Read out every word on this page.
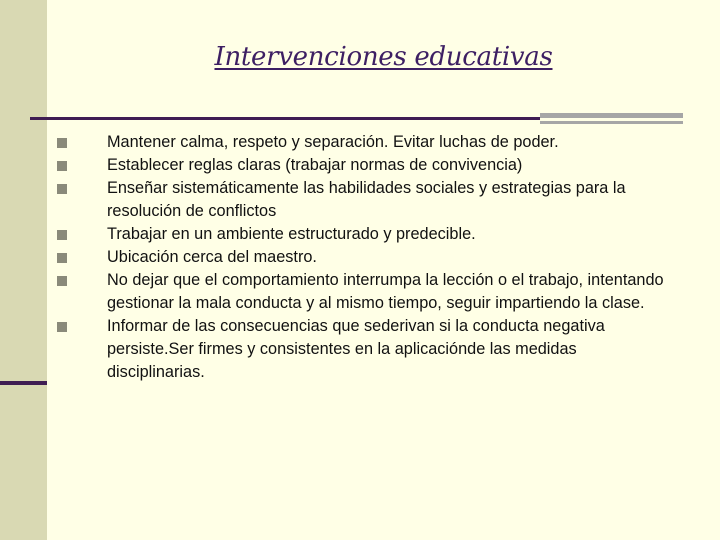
Intervenciones educativas
Mantener calma, respeto y separación. Evitar luchas de poder.
Establecer reglas claras (trabajar normas de convivencia)
Enseñar sistemáticamente las habilidades sociales y estrategias para la resolución de conflictos
Trabajar en un ambiente estructurado y predecible.
Ubicación cerca del maestro.
No dejar que el comportamiento interrumpa la lección o el trabajo, intentando gestionar la mala conducta y al mismo tiempo, seguir impartiendo la clase.
Informar de las consecuencias que sederivan si la conducta negativa persiste.Ser firmes y consistentes en la aplicaciónde las medidas disciplinarias.
